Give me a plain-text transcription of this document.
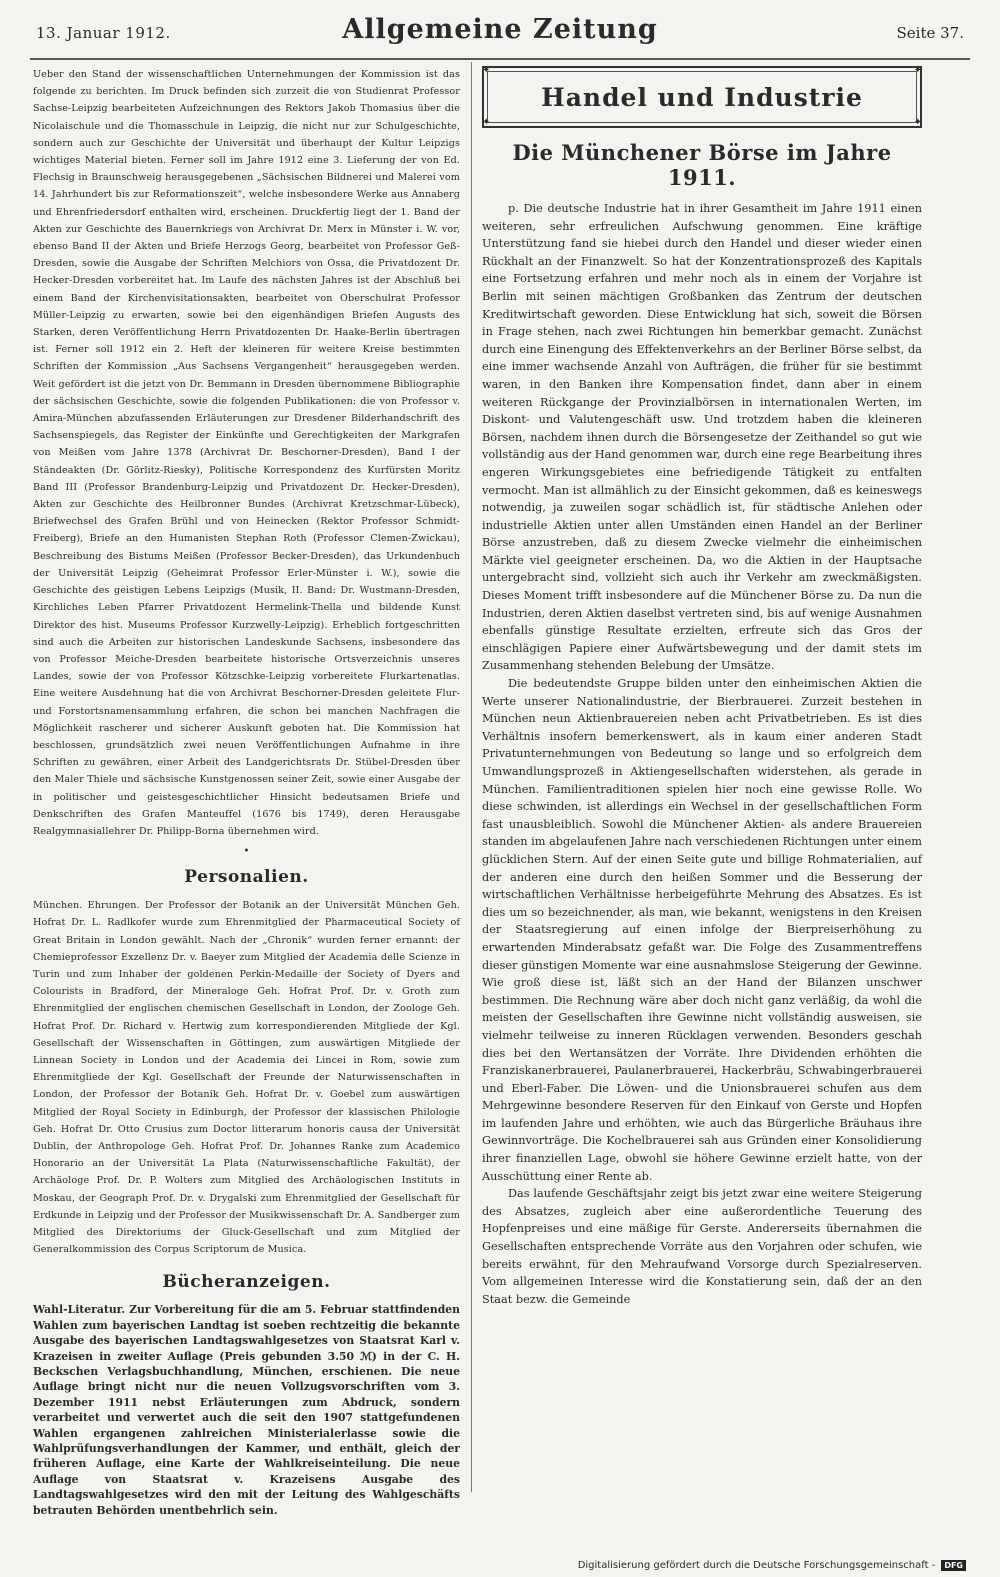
13. Januar 1912.	Allgemeine Zeitung	Seite 37.

Ueber den Stand der wissenschaftlichen Unternehmungen der Kommission ist das folgende zu berichten. Im Druck befinden sich zurzeit die von Studienrat Professor Sachse-Leipzig bearbeiteten Aufzeichnungen des Rektors Jakob Thomasius über die Nicolaischule und die Thomasschule in Leipzig, die nicht nur zur Schulgeschichte, sondern auch zur Geschichte der Universität und überhaupt der Kultur Leipzigs wichtiges Material bieten. Ferner soll im Jahre 1912 eine 3. Lieferung der von Ed. Flechsig in Braunschweig herausgegebenen „Sächsischen Bildnerei und Malerei vom 14. Jahrhundert bis zur Reformationszeit“, welche insbesondere Werke aus Annaberg und Ehrenfriedersdorf enthalten wird, erscheinen. Druckfertig liegt der 1. Band der Akten zur Geschichte des Bauernkriegs von Archivrat Dr. Merx in Münster i. W. vor, ebenso Band II der Akten und Briefe Herzogs Georg, bearbeitet von Professor Geß-Dresden, sowie die Ausgabe der Schriften Melchiors von Ossa, die Privatdozent Dr. Hecker-Dresden vorbereitet hat. Im Laufe des nächsten Jahres ist der Abschluß bei einem Band der Kirchenvisitationsakten, bearbeitet von Oberschulrat Professor Müller-Leipzig zu erwarten, sowie bei den eigenhändigen Briefen Augusts des Starken, deren Veröffentlichung Herrn Privatdozenten Dr. Haake-Berlin übertragen ist. Ferner soll 1912 ein 2. Heft der kleineren für weitere Kreise bestimmten Schriften der Kommission „Aus Sachsens Vergangenheit“ herausgegeben werden. Weit gefördert ist die jetzt von Dr. Bemmann in Dresden übernommene Bibliographie der sächsischen Geschichte, sowie die folgenden Publikationen: die von Professor v. Amira-München abzufassenden Erläuterungen zur Dresdener Bilderhandschrift des Sachsenspiegels, das Register der Einkünfte und Gerechtigkeiten der Markgrafen von Meißen vom Jahre 1378 (Archivrat Dr. Beschorner-Dresden), Band I der Ständeakten (Dr. Görlitz-Riesky), Politische Korrespondenz des Kurfürsten Moritz Band III (Professor Brandenburg-Leipzig und Privatdozent Dr. Hecker-Dresden), Akten zur Geschichte des Heilbronner Bundes (Archivrat Kretzschmar-Lübeck), Briefwechsel des Grafen Brühl und von Heinecken (Rektor Professor Schmidt-Freiberg), Briefe an den Humanisten Stephan Roth (Professor Clemen-Zwickau), Beschreibung des Bistums Meißen (Professor Becker-Dresden), das Urkundenbuch der Universität Leipzig (Geheimrat Professor Erler-Münster i. W.), sowie die Geschichte des geistigen Lebens Leipzigs (Musik, II. Band: Dr. Wustmann-Dresden, Kirchliches Leben Pfarrer Privatdozent Hermelink-Thella und bildende Kunst Direktor des hist. Museums Professor Kurzwelly-Leipzig). Erheblich fortgeschritten sind auch die Arbeiten zur historischen Landeskunde Sachsens, insbesondere das von Professor Meiche-Dresden bearbeitete historische Ortsverzeichnis unseres Landes, sowie der von Professor Kötzschke-Leipzig vorbereitete Flurkartenatlas. Eine weitere Ausdehnung hat die von Archivrat Beschorner-Dresden geleitete Flur- und Forstortsnamensammlung erfahren, die schon bei manchen Nachfragen die Möglichkeit rascherer und sicherer Auskunft geboten hat. Die Kommission hat beschlossen, grundsätzlich zwei neuen Veröffentlichungen Aufnahme in ihre Schriften zu gewähren, einer Arbeit des Landgerichtsrats Dr. Stübel-Dresden über den Maler Thiele und sächsische Kunstgenossen seiner Zeit, sowie einer Ausgabe der in politischer und geistesgeschichtlicher Hinsicht bedeutsamen Briefe und Denkschriften des Grafen Manteuffel (1676 bis 1749), deren Herausgabe Realgymnasiallehrer Dr. Philipp-Borna übernehmen wird.

•
Personalien.

München. Ehrungen. Der Professor der Botanik an der Universität München Geh. Hofrat Dr. L. Radlkofer wurde zum Ehrenmitglied der Pharmaceutical Society of Great Britain in London gewählt. Nach der „Chronik“ wurden ferner ernannt: der Chemieprofessor Exzellenz Dr. v. Baeyer zum Mitglied der Academia delle Scienze in Turin und zum Inhaber der goldenen Perkin-Medaille der Society of Dyers and Colourists in Bradford, der Mineraloge Geh. Hofrat Prof. Dr. v. Groth zum Ehrenmitglied der englischen chemischen Gesellschaft in London, der Zoologe Geh. Hofrat Prof. Dr. Richard v. Hertwig zum korrespondierenden Mitgliede der Kgl. Gesellschaft der Wissenschaften in Göttingen, zum auswärtigen Mitgliede der Linnean Society in London und der Academia dei Lincei in Rom, sowie zum Ehrenmitgliede der Kgl. Gesellschaft der Freunde der Naturwissenschaften in London, der Professor der Botanik Geh. Hofrat Dr. v. Goebel zum auswärtigen Mitglied der Royal Society in Edinburgh, der Professor der klassischen Philologie Geh. Hofrat Dr. Otto Crusius zum Doctor litterarum honoris causa der Universität Dublin, der Anthropologe Geh. Hofrat Prof. Dr. Johannes Ranke zum Academico Honorario an der Universität La Plata (Naturwissenschaftliche Fakultät), der Archäologe Prof. Dr. P. Wolters zum Mitglied des Archäologischen Instituts in Moskau, der Geograph Prof. Dr. v. Drygalski zum Ehrenmitglied der Gesellschaft für Erdkunde in Leipzig und der Professor der Musikwissenschaft Dr. A. Sandberger zum Mitglied des Direktoriums der Gluck-Gesellschaft und zum Mitglied der Generalkommission des Corpus Scriptorum de Musica.

Bücheranzeigen.

Wahl-Literatur. Zur Vorbereitung für die am 5. Februar stattfindenden Wahlen zum bayerischen Landtag ist soeben rechtzeitig die bekannte Ausgabe des bayerischen Landtagswahlgesetzes von Staatsrat Karl v. Krazeisen in zweiter Auflage (Preis gebunden 3.50 ℳ) in der C. H. Beckschen Verlagsbuchhandlung, München, erschienen. Die neue Auflage bringt nicht nur die neuen Vollzugsvorschriften vom 3. Dezember 1911 nebst Erläuterungen zum Abdruck, sondern verarbeitet und verwertet auch die seit den 1907 stattgefundenen Wahlen ergangenen zahlreichen Ministerialerlasse sowie die Wahlprüfungsverhandlungen der Kammer, und enthält, gleich der früheren Auflage, eine Karte der Wahlkreiseinteilung. Die neue Auflage von Staatsrat v. Krazeisens Ausgabe des Landtagswahlgesetzes wird den mit der Leitung des Wahlgeschäfts betrauten Behörden unentbehrlich sein.

✦	✦
✦	✦
Handel und Industrie
Die Münchener Börse im Jahre 1911.

p. Die deutsche Industrie hat in ihrer Gesamtheit im Jahre 1911 einen weiteren, sehr erfreulichen Aufschwung genommen. Eine kräftige Unterstützung fand sie hiebei durch den Handel und dieser wieder einen Rückhalt an der Finanzwelt. So hat der Konzentrationsprozeß des Kapitals eine Fortsetzung erfahren und mehr noch als in einem der Vorjahre ist Berlin mit seinen mächtigen Großbanken das Zentrum der deutschen Kreditwirtschaft geworden. Diese Entwicklung hat sich, soweit die Börsen in Frage stehen, nach zwei Richtungen hin bemerkbar gemacht. Zunächst durch eine Einengung des Effektenverkehrs an der Berliner Börse selbst, da eine immer wachsende Anzahl von Aufträgen, die früher für sie bestimmt waren, in den Banken ihre Kompensation findet, dann aber in einem weiteren Rückgange der Provinzialbörsen in internationalen Werten, im Diskont- und Valutengeschäft usw. Und trotzdem haben die kleineren Börsen, nachdem ihnen durch die Börsengesetze der Zeithandel so gut wie vollständig aus der Hand genommen war, durch eine rege Bearbeitung ihres engeren Wirkungsgebietes eine befriedigende Tätigkeit zu entfalten vermocht. Man ist allmählich zu der Einsicht gekommen, daß es keineswegs notwendig, ja zuweilen sogar schädlich ist, für städtische Anlehen oder industrielle Aktien unter allen Umständen einen Handel an der Berliner Börse anzustreben, daß zu diesem Zwecke vielmehr die einheimischen Märkte viel geeigneter erscheinen. Da, wo die Aktien in der Hauptsache untergebracht sind, vollzieht sich auch ihr Verkehr am zweckmäßigsten. Dieses Moment trifft insbesondere auf die Münchener Börse zu. Da nun die Industrien, deren Aktien daselbst vertreten sind, bis auf wenige Ausnahmen ebenfalls günstige Resultate erzielten, erfreute sich das Gros der einschlägigen Papiere einer Aufwärtsbewegung und der damit stets im Zusammenhang stehenden Belebung der Umsätze.

Die bedeutendste Gruppe bilden unter den einheimischen Aktien die Werte unserer Nationalindustrie, der Bierbrauerei. Zurzeit bestehen in München neun Aktienbrauereien neben acht Privatbetrieben. Es ist dies Verhältnis insofern bemerkenswert, als in kaum einer anderen Stadt Privatunternehmungen von Bedeutung so lange und so erfolgreich dem Umwandlungsprozeß in Aktiengesellschaften widerstehen, als gerade in München. Familientraditionen spielen hier noch eine gewisse Rolle. Wo diese schwinden, ist allerdings ein Wechsel in der gesellschaftlichen Form fast unausbleiblich. Sowohl die Münchener Aktien- als andere Brauereien standen im abgelaufenen Jahre nach verschiedenen Richtungen unter einem glücklichen Stern. Auf der einen Seite gute und billige Rohmaterialien, auf der anderen eine durch den heißen Sommer und die Besserung der wirtschaftlichen Verhältnisse herbeigeführte Mehrung des Absatzes. Es ist dies um so bezeichnender, als man, wie bekannt, wenigstens in den Kreisen der Staatsregierung auf einen infolge der Bierpreiserhöhung zu erwartenden Minderabsatz gefaßt war. Die Folge des Zusammentreffens dieser günstigen Momente war eine ausnahmslose Steigerung der Gewinne. Wie groß diese ist, läßt sich an der Hand der Bilanzen unschwer bestimmen. Die Rechnung wäre aber doch nicht ganz verläßig, da wohl die meisten der Gesellschaften ihre Gewinne nicht vollständig ausweisen, sie vielmehr teilweise zu inneren Rücklagen verwenden. Besonders geschah dies bei den Wertansätzen der Vorräte. Ihre Dividenden erhöhten die Franziskanerbrauerei, Paulanerbrauerei, Hackerbräu, Schwabingerbrauerei und Eberl-Faber. Die Löwen- und die Unionsbrauerei schufen aus dem Mehrgewinne besondere Reserven für den Einkauf von Gerste und Hopfen im laufenden Jahre und erhöhten, wie auch das Bürgerliche Bräuhaus ihre Gewinnvorträge. Die Kochelbrauerei sah aus Gründen einer Konsolidierung ihrer finanziellen Lage, obwohl sie höhere Gewinne erzielt hatte, von der Ausschüttung einer Rente ab.

Das laufende Geschäftsjahr zeigt bis jetzt zwar eine weitere Steigerung des Absatzes, zugleich aber eine außerordentliche Teuerung des Hopfenpreises und eine mäßige für Gerste. Andererseits übernahmen die Gesellschaften entsprechende Vorräte aus den Vorjahren oder schufen, wie bereits erwähnt, für den Mehraufwand Vorsorge durch Spezialreserven. Vom allgemeinen Interesse wird die Konstatierung sein, daß der an den Staat bezw. die Gemeinde

Digitalisierung gefördert durch die Deutsche Forschungsgemeinschaft -	DFG
